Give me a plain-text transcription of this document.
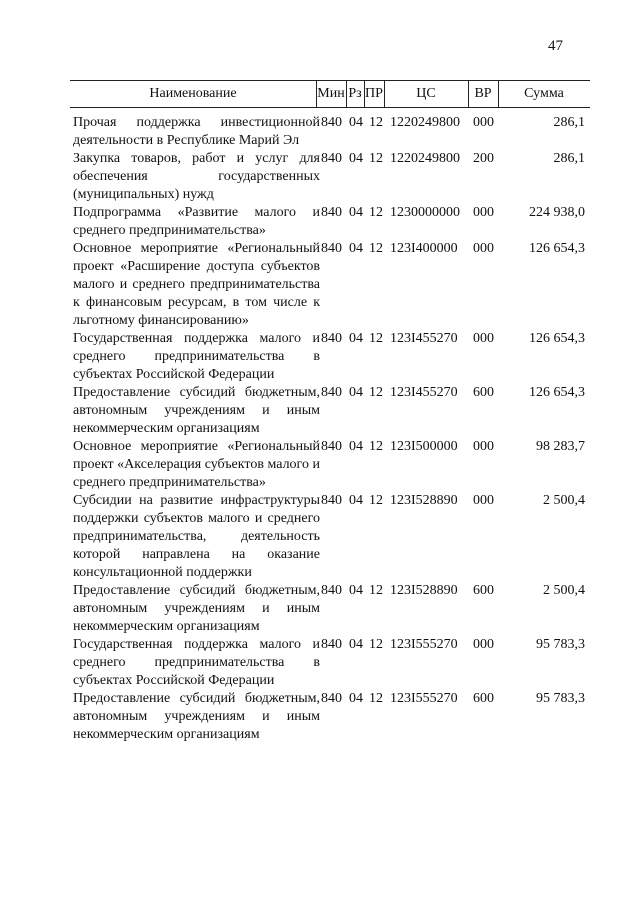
47
Наименование	Мин Рз ПР	ЦС	ВР	Сумма
Прочая поддержка инвестиционной деятельности в Республике Марий Эл
840 04 12 1220249800 000	286,1
Закупка товаров, работ и услуг для обеспечения государственных (муниципальных) нужд
840 04 12 1220249800 200	286,1
Подпрограмма «Развитие малого и среднего предпринимательства»
840 04 12 1230000000 000	224 938,0
Основное мероприятие «Региональный проект «Расширение доступа субъектов малого и среднего предпринимательства к финансовым ресурсам, в том числе к льготному финансированию»
840 04 12 123I400000 000	126 654,3
Государственная поддержка малого и среднего предпринимательства в субъектах Российской Федерации
840 04 12 123I455270 000	126 654,3
Предоставление субсидий бюджетным, автономным учреждениям и иным некоммерческим организациям
840 04 12 123I455270 600	126 654,3
Основное мероприятие «Региональный проект «Акселерация субъектов малого и среднего предпринимательства»
840 04 12 123I500000 000	98 283,7
Субсидии на развитие инфраструктуры поддержки субъектов малого и среднего предпринимательства, деятельность которой направлена на оказание консультационной поддержки
840 04 12 123I528890 000	2 500,4
Предоставление субсидий бюджетным, автономным учреждениям и иным некоммерческим организациям
840 04 12 123I528890 600	2 500,4
Государственная поддержка малого и среднего предпринимательства в субъектах Российской Федерации
840 04 12 123I555270 000	95 783,3
Предоставление субсидий бюджетным, автономным учреждениям и иным некоммерческим организациям
840 04 12 123I555270 600	95 783,3
